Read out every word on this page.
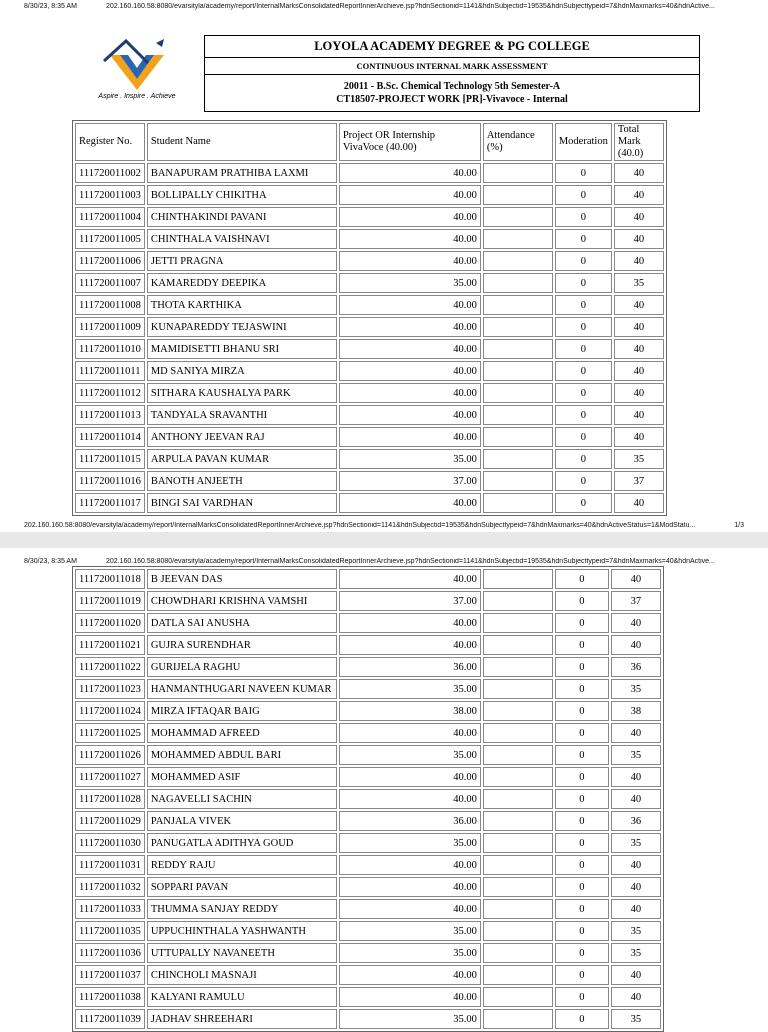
8/30/23, 8:35 AM	202.160.160.58:8080/evarsityla/academy/report/InternalMarksConsolidatedReportInnerArchieve.jsp?hdnSectionid=1141&hdnSubjectid=19535&hdnSubjecttypeid=7&hdnMaxmarks=40&hdnActive...
Aspire . Inspire . Achieve
LOYOLA ACADEMY DEGREE & PG COLLEGE
CONTINUOUS INTERNAL MARK ASSESSMENT
20011 - B.Sc. Chemical Technology 5th Semester-A
CT18507-PROJECT WORK [PR]-Vivavoce - Internal
Register No.	Student Name	Project OR Internship VivaVoce (40.00)	Attendance (%)	Moderation	Total Mark (40.0)
111720011002	BANAPURAM PRATHIBA LAXMI	40.00		0	40
111720011003	BOLLIPALLY CHIKITHA	40.00		0	40
111720011004	CHINTHAKINDI PAVANI	40.00		0	40
111720011005	CHINTHALA VAISHNAVI	40.00		0	40
111720011006	JETTI PRAGNA	40.00		0	40
111720011007	KAMAREDDY DEEPIKA	35.00		0	35
111720011008	THOTA KARTHIKA	40.00		0	40
111720011009	KUNAPAREDDY TEJASWINI	40.00		0	40
111720011010	MAMIDISETTI BHANU SRI	40.00		0	40
111720011011	MD SANIYA MIRZA	40.00		0	40
111720011012	SITHARA KAUSHALYA PARK	40.00		0	40
111720011013	TANDYALA SRAVANTHI	40.00		0	40
111720011014	ANTHONY JEEVAN RAJ	40.00		0	40
111720011015	ARPULA PAVAN KUMAR	35.00		0	35
111720011016	BANOTH ANJEETH	37.00		0	37
111720011017	BINGI SAI VARDHAN	40.00		0	40
202.160.160.58:8080/evarsityla/academy/report/InternalMarksConsolidatedReportInnerArchieve.jsp?hdnSectionid=1141&hdnSubjectid=19535&hdnSubjecttypeid=7&hdnMaxmarks=40&hdnActiveStatus=1&ModStatu...	1/3
8/30/23, 8:35 AM	202.160.160.58:8080/evarsityla/academy/report/InternalMarksConsolidatedReportInnerArchieve.jsp?hdnSectionid=1141&hdnSubjectid=19535&hdnSubjecttypeid=7&hdnMaxmarks=40&hdnActive...
111720011018	B JEEVAN DAS	40.00		0	40
111720011019	CHOWDHARI KRISHNA VAMSHI	37.00		0	37
111720011020	DATLA SAI ANUSHA	40.00		0	40
111720011021	GUJRA SURENDHAR	40.00		0	40
111720011022	GURIJELA RAGHU	36.00		0	36
111720011023	HANMANTHUGARI NAVEEN KUMAR	35.00		0	35
111720011024	MIRZA IFTAQAR BAIG	38.00		0	38
111720011025	MOHAMMAD AFREED	40.00		0	40
111720011026	MOHAMMED ABDUL BARI	35.00		0	35
111720011027	MOHAMMED ASIF	40.00		0	40
111720011028	NAGAVELLI SACHIN	40.00		0	40
111720011029	PANJALA VIVEK	36.00		0	36
111720011030	PANUGATLA ADITHYA GOUD	35.00		0	35
111720011031	REDDY RAJU	40.00		0	40
111720011032	SOPPARI PAVAN	40.00		0	40
111720011033	THUMMA SANJAY REDDY	40.00		0	40
111720011035	UPPUCHINTHALA YASHWANTH	35.00		0	35
111720011036	UTTUPALLY NAVANEETH	35.00		0	35
111720011037	CHINCHOLI MASNAJI	40.00		0	40
111720011038	KALYANI RAMULU	40.00		0	40
111720011039	JADHAV SHREEHARI	35.00		0	35
